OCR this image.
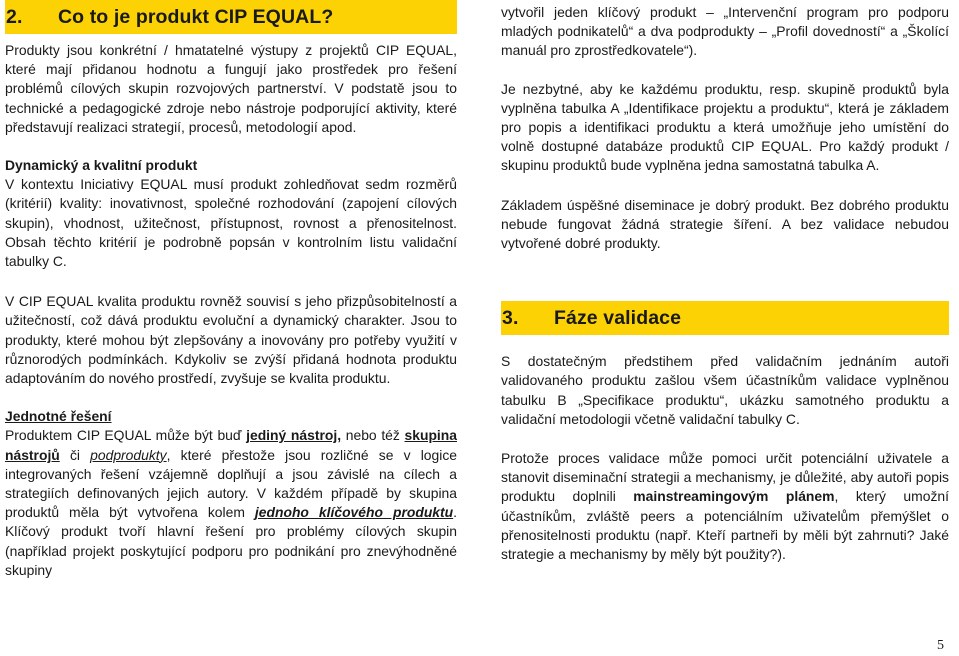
2. Co to je produkt CIP EQUAL?

Produkty jsou konkrétní / hmatatelné výstupy z projektů CIP EQUAL, které mají přidanou hodnotu a fungují jako prostředek pro řešení problémů cílových skupin rozvojových partnerství. V podstatě jsou to technické a pedagogické zdroje nebo nástroje podporující aktivity, které představují realizaci strategií, procesů, metodologií apod.

Dynamický a kvalitní produkt

V kontextu Iniciativy EQUAL musí produkt zohledňovat sedm rozměrů (kritérií) kvality: inovativnost, společné rozhodování (zapojení cílových skupin), vhodnost, užitečnost, přístupnost, rovnost a přenositelnost. Obsah těchto kritérií je podrobně popsán v kontrolním listu validační tabulky C.

V CIP EQUAL kvalita produktu rovněž souvisí s jeho přizpůsobitelností a užitečností, což dává produktu evoluční a dynamický charakter. Jsou to produkty, které mohou být zlepšovány a inovovány pro potřeby využití v různorodých podmínkách. Kdykoliv se zvýší přidaná hodnota produktu adaptováním do nového prostředí, zvyšuje se kvalita produktu.

Jednotné řešení

Produktem CIP EQUAL může být buď jediný nástroj, nebo též skupina nástrojů či podprodukty, které přestože jsou rozličné se v logice integrovaných řešení vzájemně doplňují a jsou závislé na cílech a strategiích definovaných jejich autory. V každém případě by skupina produktů měla být vytvořena kolem jednoho klíčového produktu. Klíčový produkt tvoří hlavní řešení pro problémy cílových skupin (například projekt poskytující podporu pro podnikání pro znevýhodněné skupiny

vytvořil jeden klíčový produkt – „Intervenční program pro podporu mladých podnikatelů“ a dva podprodukty – „Profil dovedností“ a „Školící manuál pro zprostředkovatele“).

Je nezbytné, aby ke každému produktu, resp. skupině produktů byla vyplněna tabulka A „Identifikace projektu a produktu“, která je základem pro popis a identifikaci produktu a která umožňuje jeho umístění do volně dostupné databáze produktů CIP EQUAL. Pro každý produkt / skupinu produktů bude vyplněna jedna samostatná tabulka A.

Základem úspěšné diseminace je dobrý produkt. Bez dobrého produktu nebude fungovat žádná strategie šíření. A bez validace nebudou vytvořené dobré produkty.

3. Fáze validace

S dostatečným předstihem před validačním jednáním autoři validovaného produktu zašlou všem účastníkům validace vyplněnou tabulku B „Specifikace produktu“, ukázku samotného produktu a validační metodologii včetně validační tabulky C.

Protože proces validace může pomoci určit potenciální uživatele a stanovit diseminační strategii a mechanismy, je důležité, aby autoři popis produktu doplnili mainstreamingovým plánem, který umožní účastníkům, zvláště peers a potenciálním uživatelům přemýšlet o přenositelnosti produktu (např. Kteří partneři by měli být zahrnuti? Jaké strategie a mechanismy by měly být použity?).

5
